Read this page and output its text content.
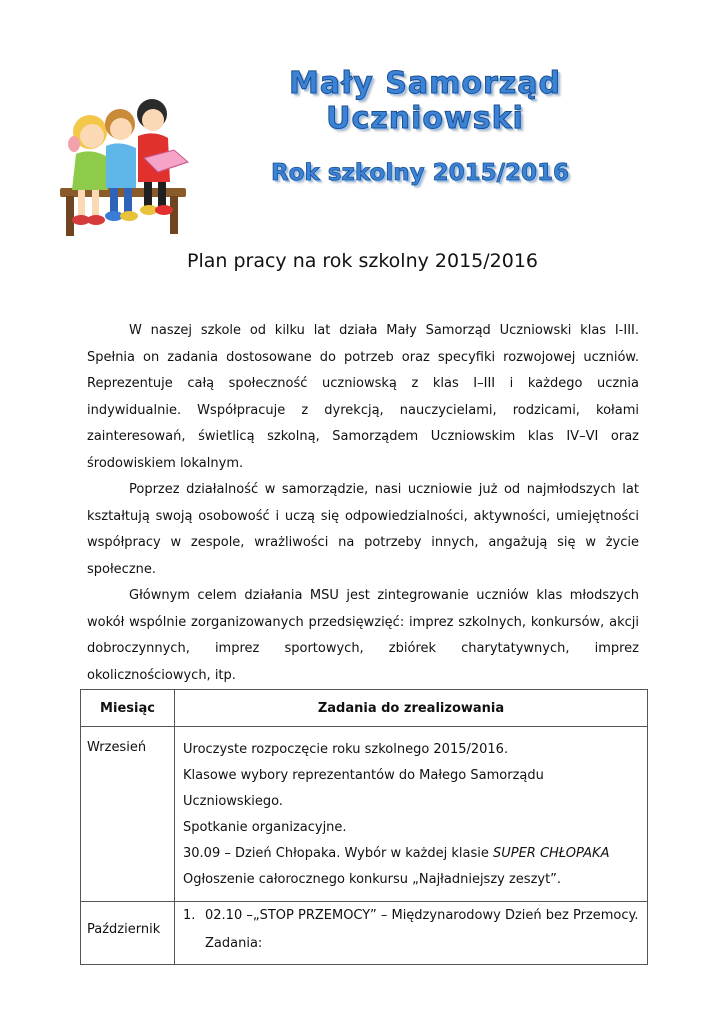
Mały Samorząd Uczniowski
Rok szkolny 2015/2016
Plan pracy na rok szkolny 2015/2016

W naszej szkole od kilku lat działa Mały Samorząd Uczniowski klas I-III. Spełnia on zadania dostosowane do potrzeb oraz specyfiki rozwojowej uczniów. Reprezentuje całą społeczność uczniowską z klas I–III i każdego ucznia indywidualnie. Współpracuje z dyrekcją, nauczycielami, rodzicami, kołami zainteresowań, świetlicą szkolną, Samorządem Uczniowskim klas IV–VI oraz środowiskiem lokalnym.

Poprzez działalność w samorządzie, nasi uczniowie już od najmłodszych lat kształtują swoją osobowość i uczą się odpowiedzialności, aktywności, umiejętności współpracy w zespole, wrażliwości na potrzeby innych, angażują się w życie społeczne.

Głównym celem działania MSU jest zintegrowanie uczniów klas młodszych wokół wspólnie zorganizowanych przedsięwzięć: imprez szkolnych, konkursów, akcji dobroczynnych, imprez sportowych, zbiórek charytatywnych, imprez okolicznościowych, itp.

Miesiąc	Zadania do zrealizowania
Wrzesień	Uroczyste rozpoczęcie roku szkolnego 2015/2016.
Klasowe wybory reprezentantów do Małego Samorządu Uczniowskiego.
Spotkanie organizacyjne.
30.09 – Dzień Chłopaka. Wybór w każdej klasie SUPER CHŁOPAKA
Ogłoszenie całorocznego konkursu „Najładniejszy zeszyt”.

Październik	1. 02.10 –„STOP PRZEMOCY” – Międzynarodowy Dzień bez Przemocy.
Zadania:
